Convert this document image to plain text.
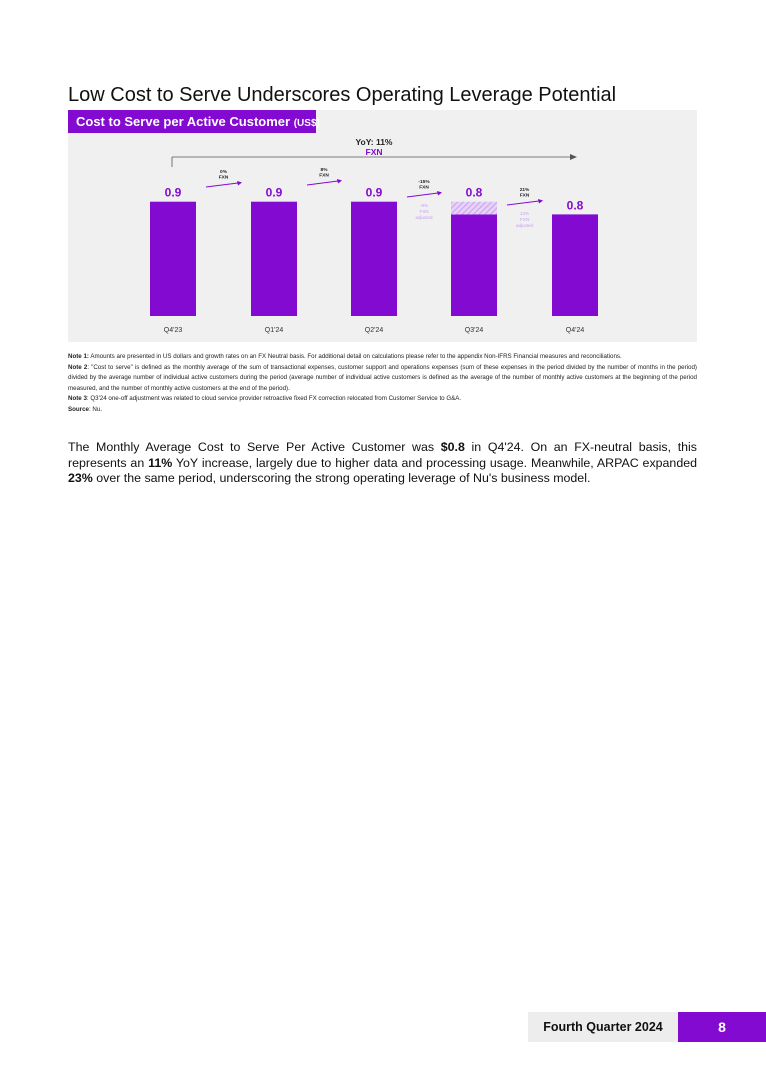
Low Cost to Serve Underscores Operating Leverage Potential
YoY: 11%
FXN
0.9
Q4'23
0.9
Q1'24
0.9
Q2'24
0.8
Q3'24
0.8
Q4'24
0%
FXN
8%
FXN
-15%
FXN
-9%
FXN
adjusted
21%
FXN
13%
FXN
adjusted
Cost to Serve per Active Customer (US$)

Note 1: Amounts are presented in US dollars and growth rates on an FX Neutral basis. For additional detail on calculations please refer to the appendix Non-IFRS Financial measures and reconciliations.

Note 2: "Cost to serve" is defined as the monthly average of the sum of transactional expenses, customer support and operations expenses (sum of these expenses in the period divided by the number of months in the period) divided by the average number of individual active customers during the period (average number of individual active customers is defined as the average of the number of monthly active customers at the beginning of the period measured, and the number of monthly active customers at the end of the period).

Note 3: Q3'24 one-off adjustment was related to cloud service provider retroactive fixed FX correction relocated from Customer Service to G&A.

Source: Nu.

The Monthly Average Cost to Serve Per Active Customer was $0.8 in Q4'24. On an FX-neutral basis, this represents an 11% YoY increase, largely due to higher data and processing usage. Meanwhile, ARPAC expanded 23% over the same period, underscoring the strong operating leverage of Nu's business model.
Fourth Quarter 2024	8
